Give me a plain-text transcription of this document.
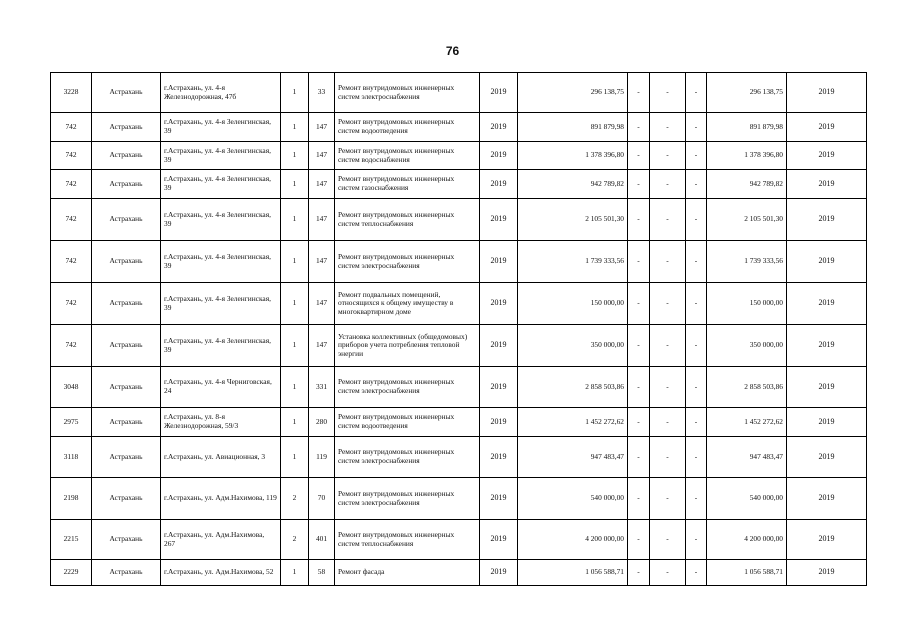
76
3228	Астрахань	г.Астрахань, ул. 4-я Железнодорожная, 47б	1	33	Ремонт внутридомовых инженерных систем электроснабжения	2019	296 138,75	-	-	-	296 138,75	2019
742	Астрахань	г.Астрахань, ул. 4-я Зеленгинская, 39	1	147	Ремонт внутридомовых инженерных систем водоотведения	2019	891 879,98	-	-	-	891 879,98	2019
742	Астрахань	г.Астрахань, ул. 4-я Зеленгинская, 39	1	147	Ремонт внутридомовых инженерных систем водоснабжения	2019	1 378 396,80	-	-	-	1 378 396,80	2019
742	Астрахань	г.Астрахань, ул. 4-я Зеленгинская, 39	1	147	Ремонт внутридомовых инженерных систем газоснабжения	2019	942 789,82	-	-	-	942 789,82	2019
742	Астрахань	г.Астрахань, ул. 4-я Зеленгинская, 39	1	147	Ремонт внутридомовых инженерных систем теплоснабжения	2019	2 105 501,30	-	-	-	2 105 501,30	2019
742	Астрахань	г.Астрахань, ул. 4-я Зеленгинская, 39	1	147	Ремонт внутридомовых инженерных систем электроснабжения	2019	1 739 333,56	-	-	-	1 739 333,56	2019
742	Астрахань	г.Астрахань, ул. 4-я Зеленгинская, 39	1	147	Ремонт подвальных помещений, относящихся к общему имуществу в многоквартирном доме	2019	150 000,00	-	-	-	150 000,00	2019
742	Астрахань	г.Астрахань, ул. 4-я Зеленгинская, 39	1	147	Установка коллективных (общедомовых) приборов учета потребления тепловой энергии	2019	350 000,00	-	-	-	350 000,00	2019
3048	Астрахань	г.Астрахань, ул. 4-я Черниговская, 24	1	331	Ремонт внутридомовых инженерных систем электроснабжения	2019	2 858 503,86	-	-	-	2 858 503,86	2019
2975	Астрахань	г.Астрахань, ул. 8-я Железнодорожная, 59/3	1	280	Ремонт внутридомовых инженерных систем водоотведения	2019	1 452 272,62	-	-	-	1 452 272,62	2019
3118	Астрахань	г.Астрахань, ул. Авиационная, 3	1	119	Ремонт внутридомовых инженерных систем электроснабжения	2019	947 483,47	-	-	-	947 483,47	2019
2198	Астрахань	г.Астрахань, ул. Адм.Нахимова, 119	2	70	Ремонт внутридомовых инженерных систем электроснабжения	2019	540 000,00	-	-	-	540 000,00	2019
2215	Астрахань	г.Астрахань, ул. Адм.Нахимова, 267	2	401	Ремонт внутридомовых инженерных систем теплоснабжения	2019	4 200 000,00	-	-	-	4 200 000,00	2019
2229	Астрахань	г.Астрахань, ул. Адм.Нахимова, 52	1	58	Ремонт фасада	2019	1 056 588,71	-	-	-	1 056 588,71	2019
